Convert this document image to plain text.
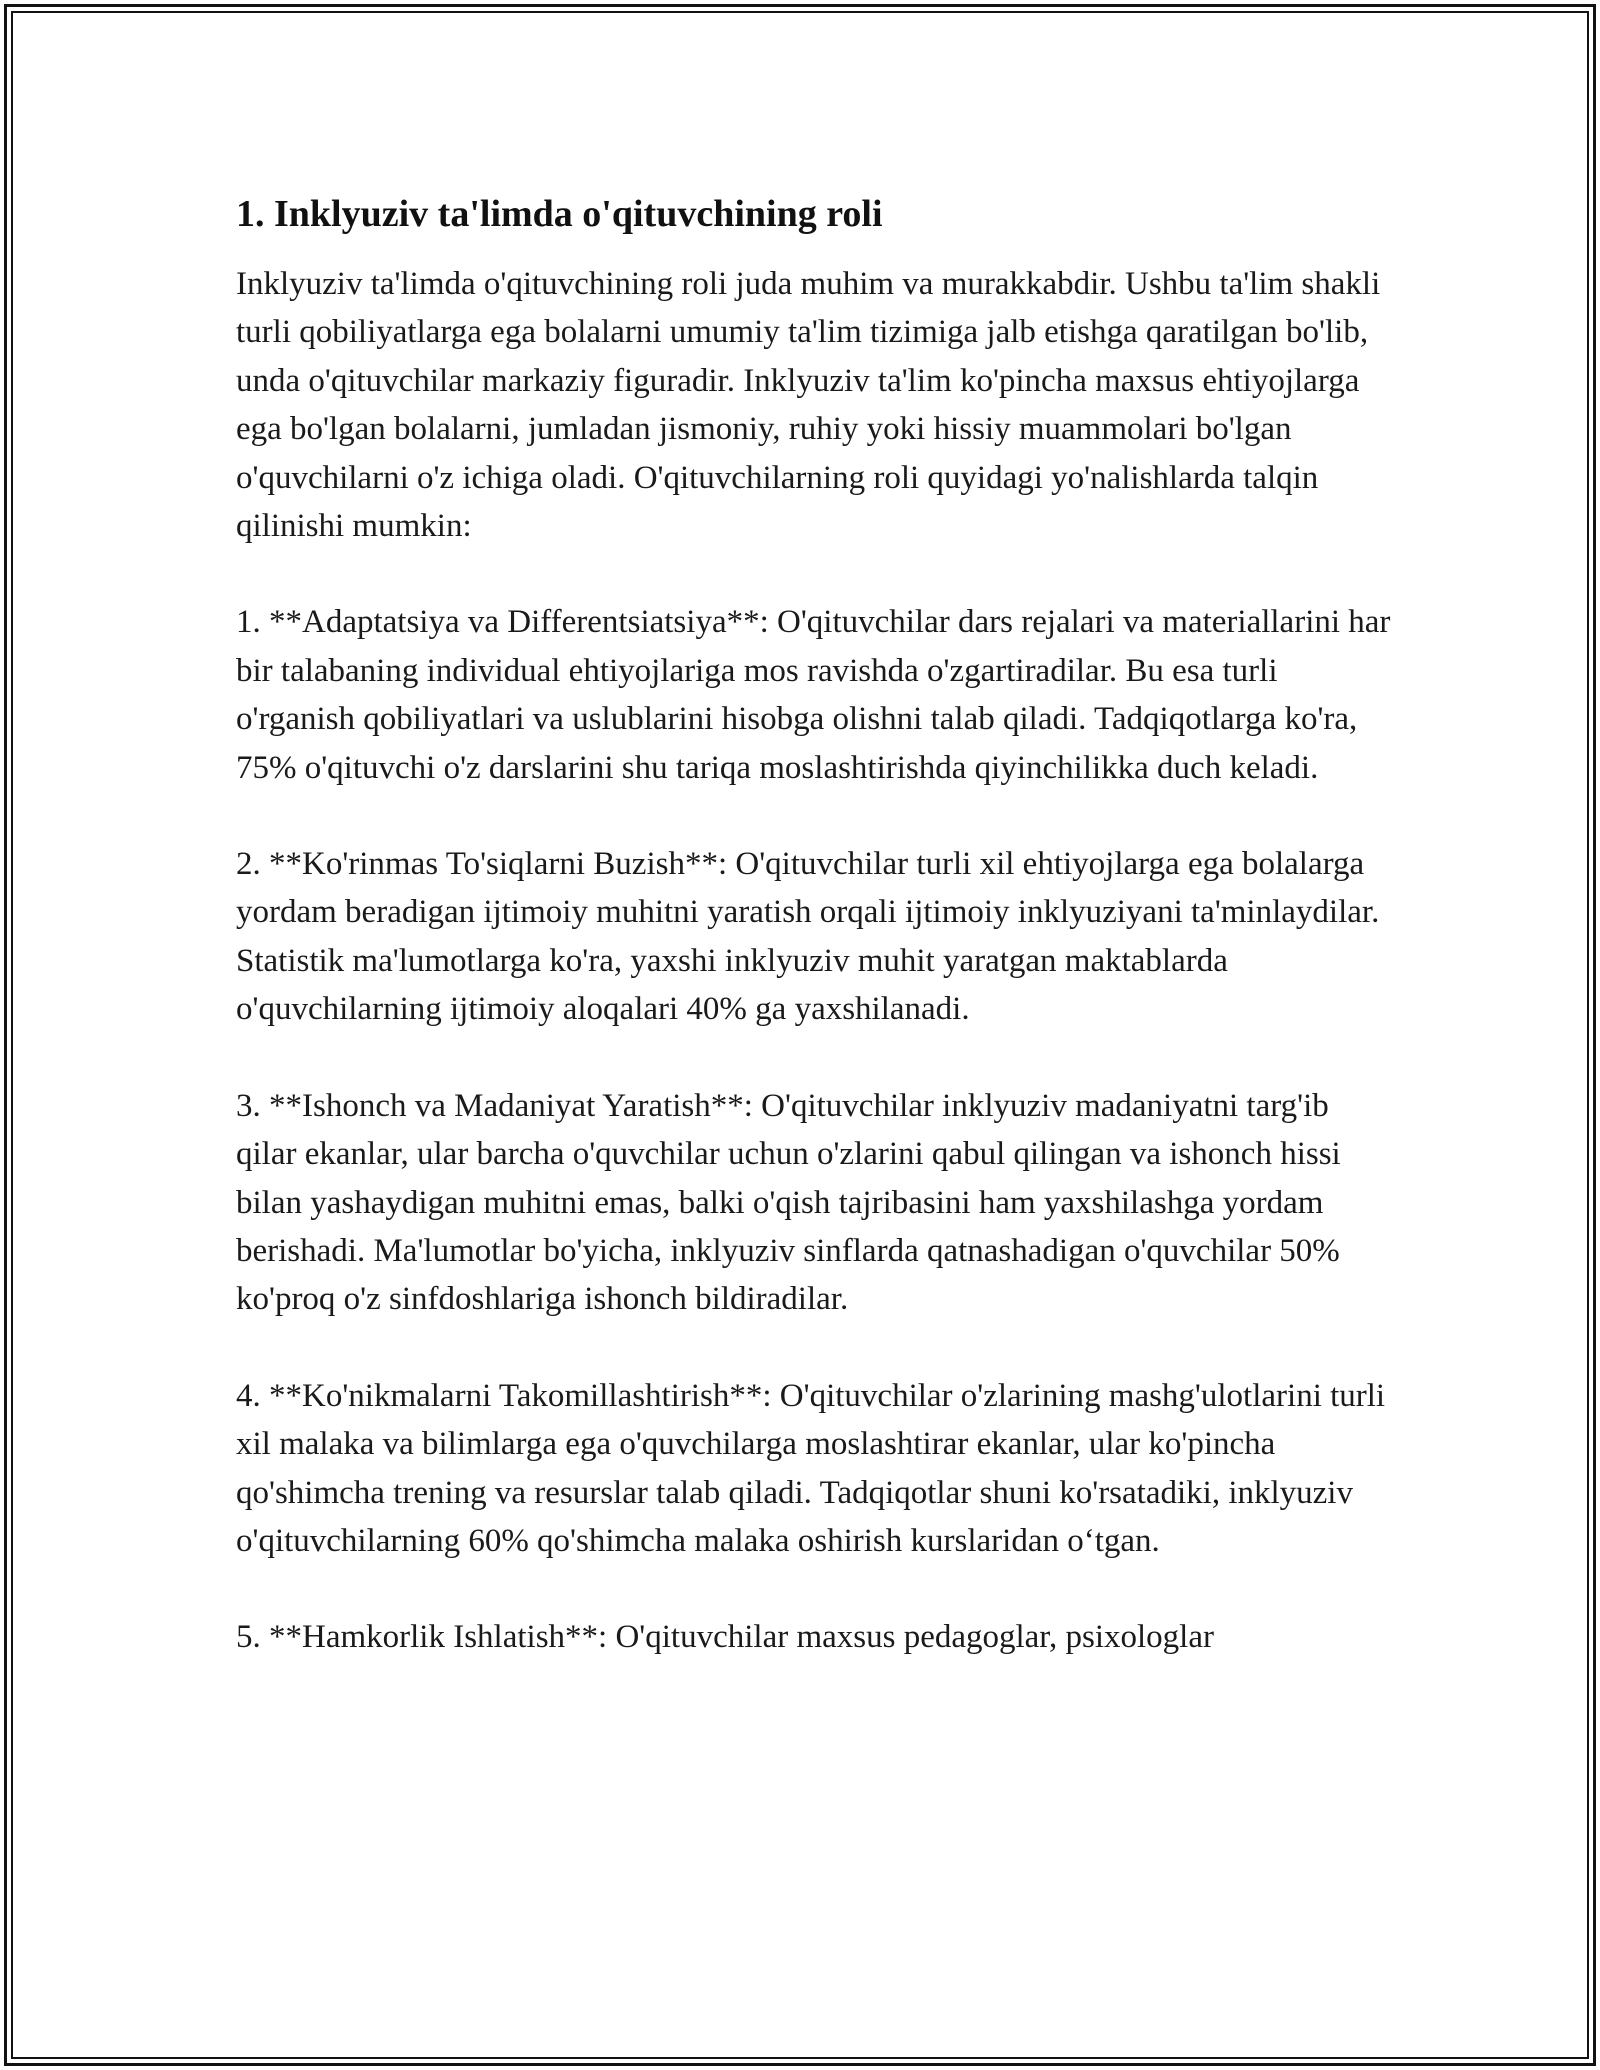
1. Inklyuziv ta'limda o'qituvchining roli

Inklyuziv ta'limda o'qituvchining roli juda muhim va murakkabdir. Ushbu ta'lim shakli turli qobiliyatlarga ega bolalarni umumiy ta'lim tizimiga jalb etishga qaratilgan bo'lib, unda o'qituvchilar markaziy figuradir. Inklyuziv ta'lim ko'pincha maxsus ehtiyojlarga ega bo'lgan bolalarni, jumladan jismoniy, ruhiy yoki hissiy muammolari bo'lgan o'quvchilarni o'z ichiga oladi. O'qituvchilarning roli quyidagi yo'nalishlarda talqin qilinishi mumkin:

1. **Adaptatsiya va Differentsiatsiya**: O'qituvchilar dars rejalari va materiallarini har bir talabaning individual ehtiyojlariga mos ravishda o'zgartiradilar. Bu esa turli o'rganish qobiliyatlari va uslublarini hisobga olishni talab qiladi. Tadqiqotlarga ko'ra, 75% o'qituvchi o'z darslarini shu tariqa moslashtirishda qiyinchilikka duch keladi.

2. **Ko'rinmas To'siqlarni Buzish**: O'qituvchilar turli xil ehtiyojlarga ega bolalarga yordam beradigan ijtimoiy muhitni yaratish orqali ijtimoiy inklyuziyani ta'minlaydilar. Statistik ma'lumotlarga ko'ra, yaxshi inklyuziv muhit yaratgan maktablarda o'quvchilarning ijtimoiy aloqalari 40% ga yaxshilanadi.

3. **Ishonch va Madaniyat Yaratish**: O'qituvchilar inklyuziv madaniyatni targ'ib qilar ekanlar, ular barcha o'quvchilar uchun o'zlarini qabul qilingan va ishonch hissi bilan yashaydigan muhitni emas, balki o'qish tajribasini ham yaxshilashga yordam berishadi. Ma'lumotlar bo'yicha, inklyuziv sinflarda qatnashadigan o'quvchilar 50% ko'proq o'z sinfdoshlariga ishonch bildiradilar.

4. **Ko'nikmalarni Takomillashtirish**: O'qituvchilar o'zlarining mashg'ulotlarini turli xil malaka va bilimlarga ega o'quvchilarga moslashtirar ekanlar, ular ko'pincha qo'shimcha trening va resurslar talab qiladi. Tadqiqotlar shuni ko'rsatadiki, inklyuziv o'qituvchilarning 60% qo'shimcha malaka oshirish kurslaridan o‘tgan.

5. **Hamkorlik Ishlatish**: O'qituvchilar maxsus pedagoglar, psixologlar
